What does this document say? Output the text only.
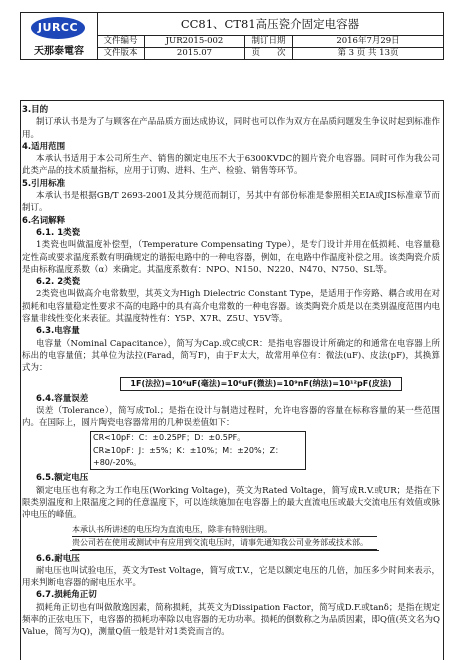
JURCC
天那泰電容
CC81、CT81高压瓷介固定电容器
文件编号	JUR2015-002	制订日期	2016年7月29日
文件版本	2015.07	页　　次	第 3 页 共 13页

3.目的

制订承认书是为了与顾客在产品品质方面达成协议，同时也可以作为双方在品质问题发生争议时起到标准作用。

4.适用范围

本承认书适用于本公司所生产、销售的额定电压不大于6300KVDC的圆片瓷介电容器。同时可作为我公司此类产品的技术质量指标，应用于订购、进料、生产、检验、销售等环节。

5.引用标准

本承认书是根据GB/T 2693-2001及其分规范而制订，另其中有部份标准是参照相关EIA或JIS标准章节而制订。

6.名词解释

6.1. 1类瓷

1类瓷也叫做温度补偿型，（Temperature Compensating Type），是专门设计并用在低损耗、电容量稳定性高或要求温度系数有明确规定的谐振电路中的一种电容器，例如，在电路中作温度补偿之用。该类陶瓷介质是由标称温度系数（α）来确定。其温度系数有：NPO、N150、N220、N470、N750、SL等。

6.2. 2类瓷

2类瓷也叫做高介电常数型，其英文为High Dielectric Constant Type，是适用于作旁路、耦合或用在对损耗和电容量稳定性要求不高的电路中的具有高介电常数的一种电容器。该类陶瓷介质是以在类别温度范围内电容量非线性变化来表征。其温度特性有：Y5P、X7R、Z5U、Y5V等。

6.3.电容量

电容量（Nominal Capacitance），简写为Cap.或C或CR：是指电容器设计所确定的和通常在电容器上所标出的电容量值；其单位为法拉(Farad，简写F)，由于F太大，故常用单位有：微法(uF)、皮法(pF)，其换算式为：

1F(法拉)=10⁶uF(毫法)=10⁶uF(微法)=10⁹nF(纳法)=10¹²pF(皮法)

6.4.容量误差

误差（Tolerance），简写成Tol.；是指在设计与制造过程时，允许电容器的容量在标称容量的某一些范围内。在国际上，圆片陶瓷电容器常用的几种误差值如下：

CR<10pF：C：±0.25PF；D：±0.5PF。
CR≥10pF：J：±5%；K：±10%；M：±20%；Z：+80/-20%。

6.5.额定电压

额定电压也有称之为工作电压(Working Voltage)，英文为Rated Voltage，简写成R.V.或UR；是指在下限类别温度和上限温度之间的任意温度下，可以连续施加在电容器上的最大直流电压或最大交流电压有效值或脉冲电压的峰值。

本承认书所讲述的电压均为直流电压，除非有特别注明。
贵公司若在使用或测试中有应用到交流电压时，请事先通知我公司业务部或技术部。

6.6.耐电压

耐电压也叫试验电压，英文为Test Voltage，简写成T.V.，它是以额定电压的几倍，加压多少时间来表示，用来判断电容器的耐电压水平。

6.7.损耗角正切

损耗角正切也有叫做散逸因素，简称损耗，其英文为Dissipation Factor，简写成D.F.或tanδ；是指在规定频率的正弦电压下，电容器的损耗功率除以电容器的无功功率。损耗的倒数称之为品质因素，即Q值(英文名为Q Value，简写为Q)，测量Q值一般是针对1类瓷而言的。
